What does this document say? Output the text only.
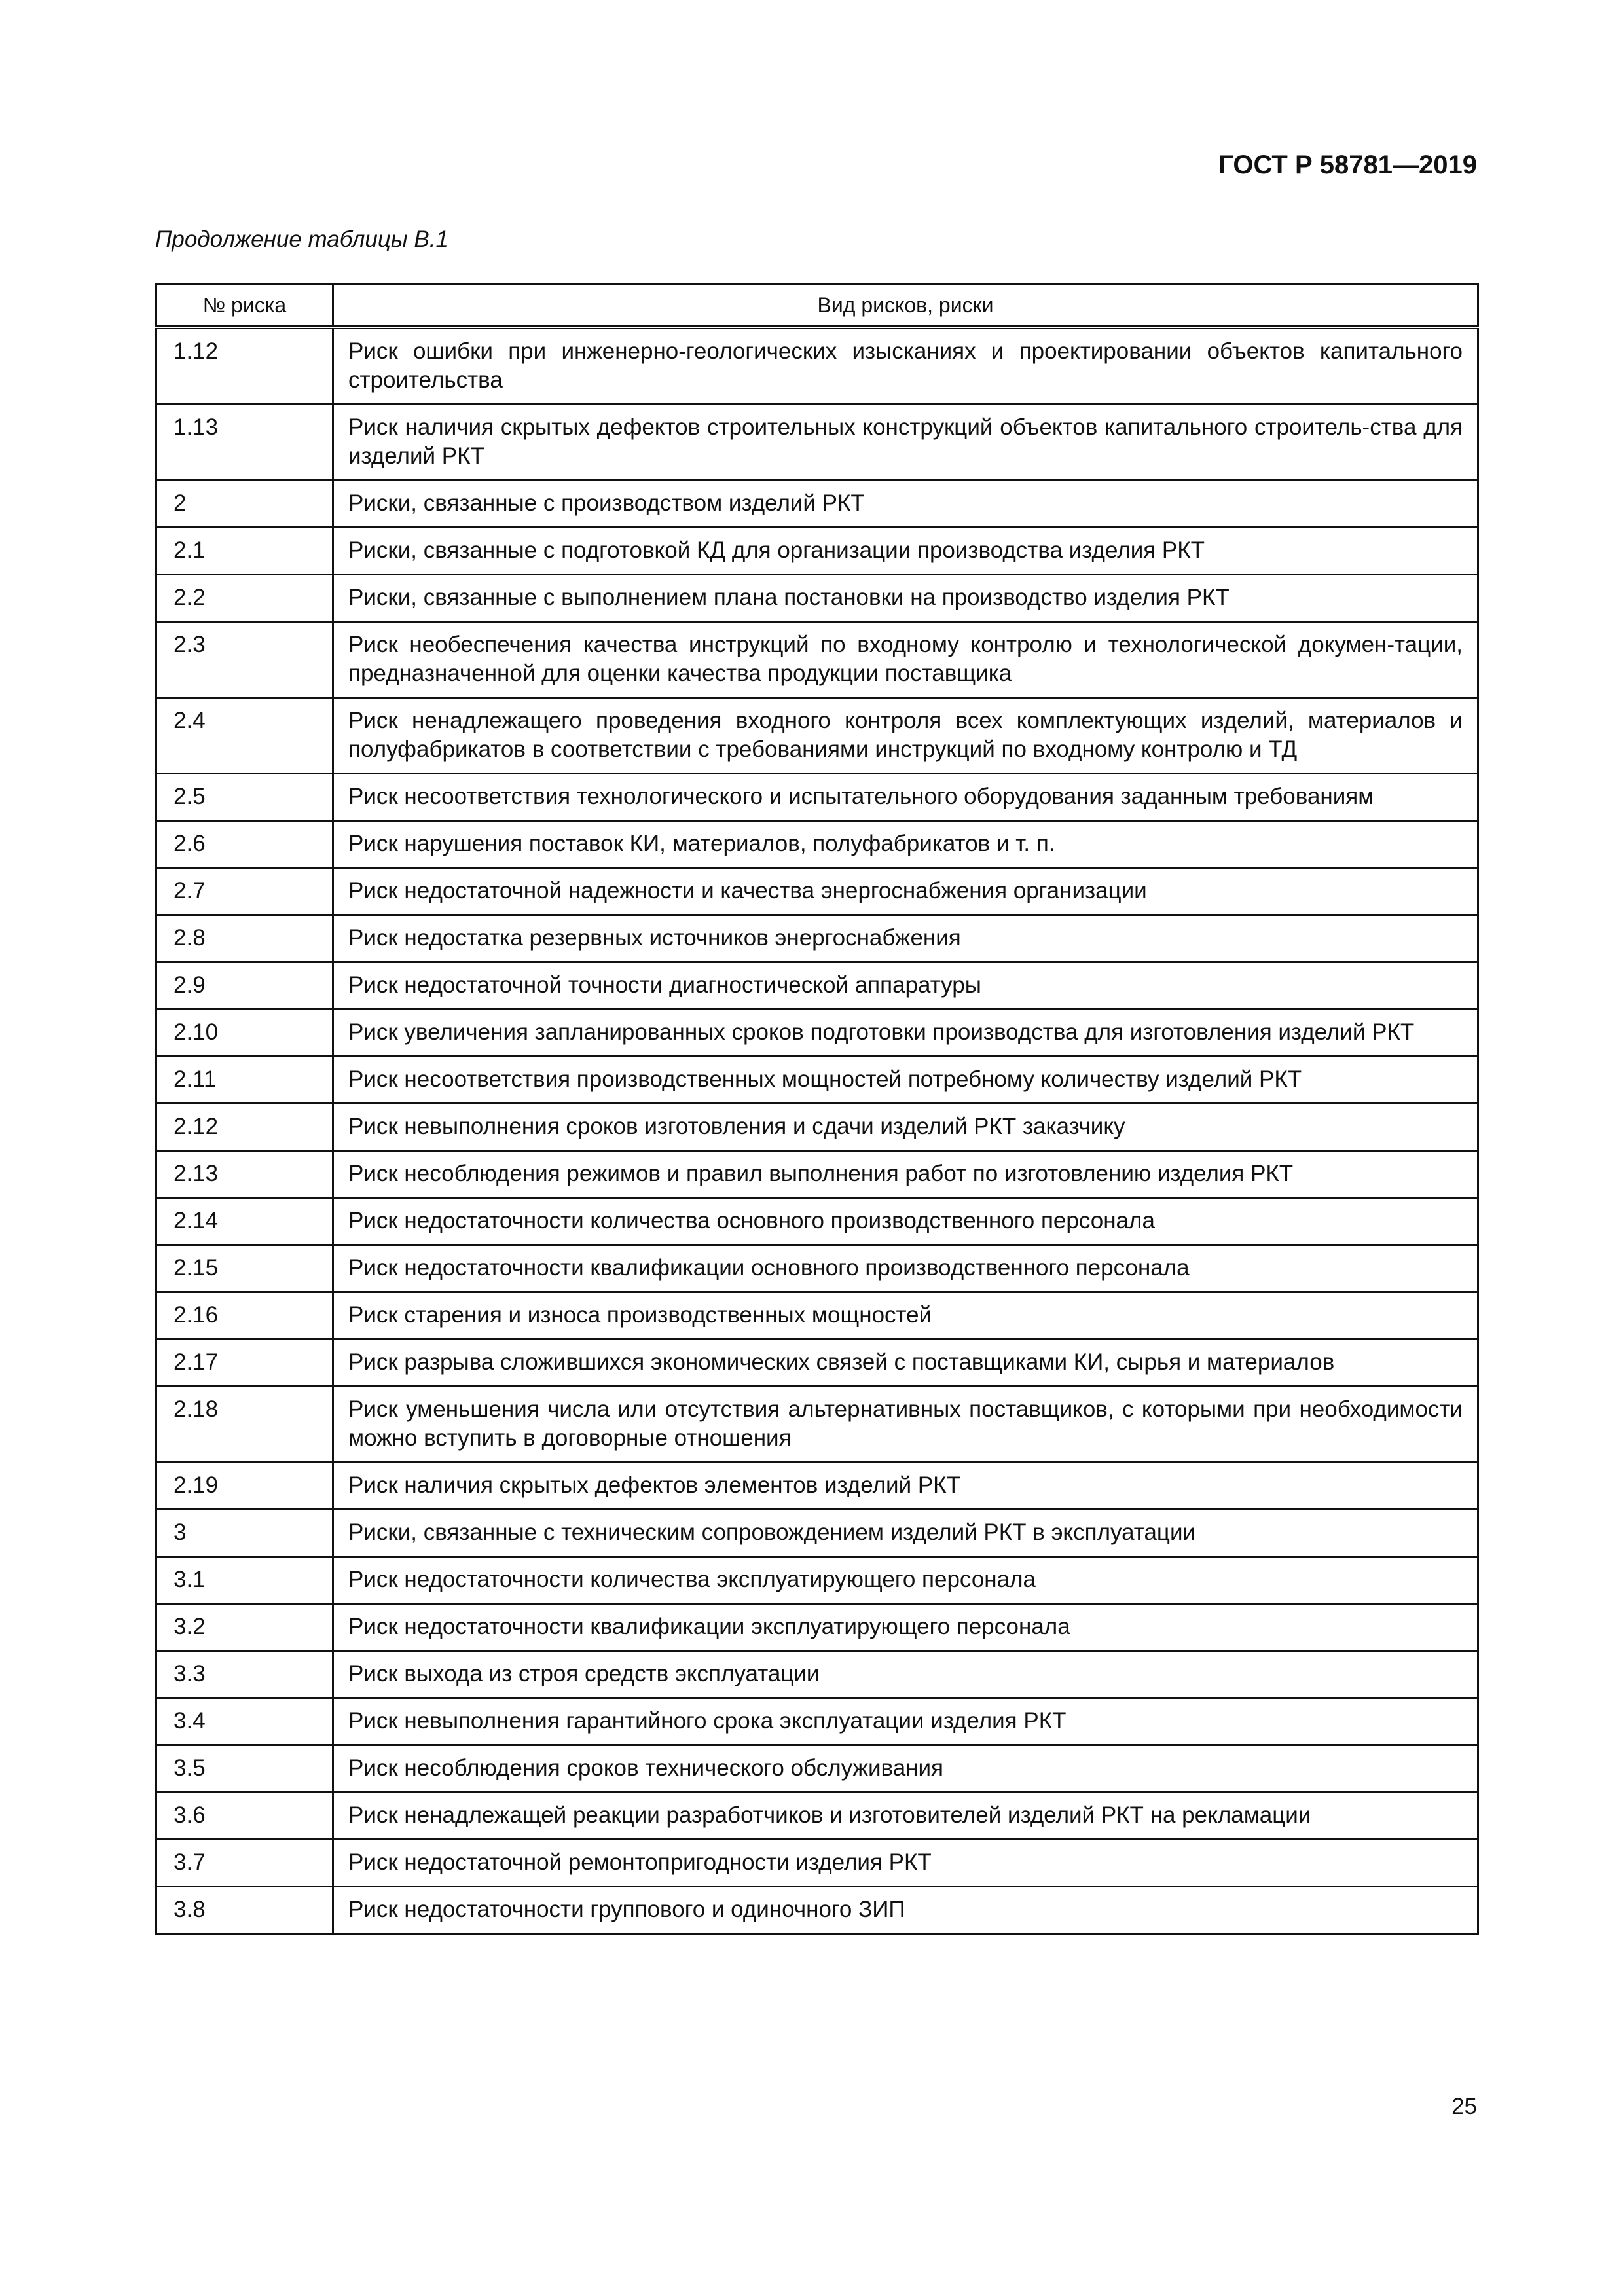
ГОСТ Р 58781—2019
Продолжение таблицы В.1
№ риска	Вид рисков, риски
1.12	Риск ошибки при инженерно-геологических изысканиях и проектировании объектов капитального строительства
1.13	Риск наличия скрытых дефектов строительных конструкций объектов капитального строитель-ства для изделий РКТ
2	Риски, связанные с производством изделий РКТ
2.1	Риски, связанные с подготовкой КД для организации производства изделия РКТ
2.2	Риски, связанные с выполнением плана постановки на производство изделия РКТ
2.3	Риск необеспечения качества инструкций по входному контролю и технологической докумен-тации, предназначенной для оценки качества продукции поставщика
2.4	Риск ненадлежащего проведения входного контроля всех комплектующих изделий, материалов и полуфабрикатов в соответствии с требованиями инструкций по входному контролю и ТД
2.5	Риск несоответствия технологического и испытательного оборудования заданным требованиям
2.6	Риск нарушения поставок КИ, материалов, полуфабрикатов и т. п.
2.7	Риск недостаточной надежности и качества энергоснабжения организации
2.8	Риск недостатка резервных источников энергоснабжения
2.9	Риск недостаточной точности диагностической аппаратуры
2.10	Риск увеличения запланированных сроков подготовки производства для изготовления изделий РКТ
2.11	Риск несоответствия производственных мощностей потребному количеству изделий РКТ
2.12	Риск невыполнения сроков изготовления и сдачи изделий РКТ заказчику
2.13	Риск несоблюдения режимов и правил выполнения работ по изготовлению изделия РКТ
2.14	Риск недостаточности количества основного производственного персонала
2.15	Риск недостаточности квалификации основного производственного персонала
2.16	Риск старения и износа производственных мощностей
2.17	Риск разрыва сложившихся экономических связей с поставщиками КИ, сырья и материалов
2.18	Риск уменьшения числа или отсутствия альтернативных поставщиков, с которыми при необходимости можно вступить в договорные отношения
2.19	Риск наличия скрытых дефектов элементов изделий РКТ
3	Риски, связанные с техническим сопровождением изделий РКТ в эксплуатации
3.1	Риск недостаточности количества эксплуатирующего персонала
3.2	Риск недостаточности квалификации эксплуатирующего персонала
3.3	Риск выхода из строя средств эксплуатации
3.4	Риск невыполнения гарантийного срока эксплуатации изделия РКТ
3.5	Риск несоблюдения сроков технического обслуживания
3.6	Риск ненадлежащей реакции разработчиков и изготовителей изделий РКТ на рекламации
3.7	Риск недостаточной ремонтопригодности изделия РКТ
3.8	Риск недостаточности группового и одиночного ЗИП
25
